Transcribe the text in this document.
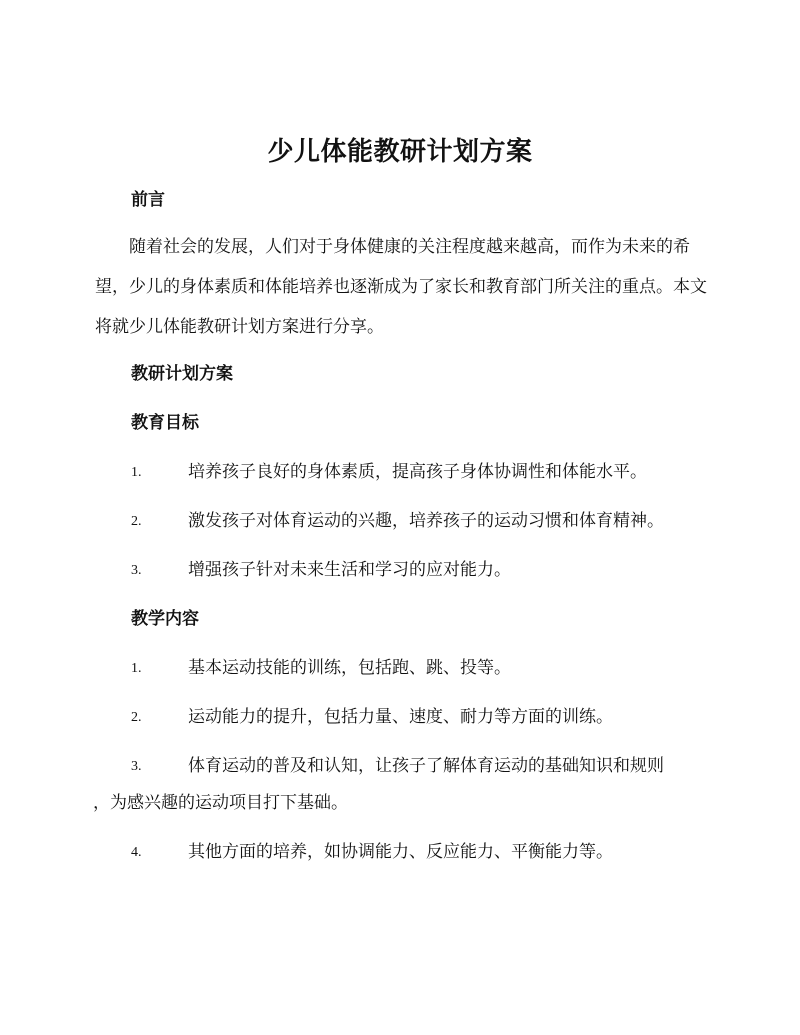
少儿体能教研计划方案
前言

随着社会的发展，人们对于身体健康的关注程度越来越高，而作为未来的希望，少儿的身体素质和体能培养也逐渐成为了家长和教育部门所关注的重点。本文将就少儿体能教研计划方案进行分享。

教研计划方案
教育目标
1.	培养孩子良好的身体素质，提高孩子身体协调性和体能水平。
2.	激发孩子对体育运动的兴趣，培养孩子的运动习惯和体育精神。
3.	增强孩子针对未来生活和学习的应对能力。
教学内容
1.	基本运动技能的训练，包括跑、跳、投等。
2.	运动能力的提升，包括力量、速度、耐力等方面的训练。
3.	体育运动的普及和认知，让孩子了解体育运动的基础知识和规则
，为感兴趣的运动项目打下基础。
4.	其他方面的培养，如协调能力、反应能力、平衡能力等。
